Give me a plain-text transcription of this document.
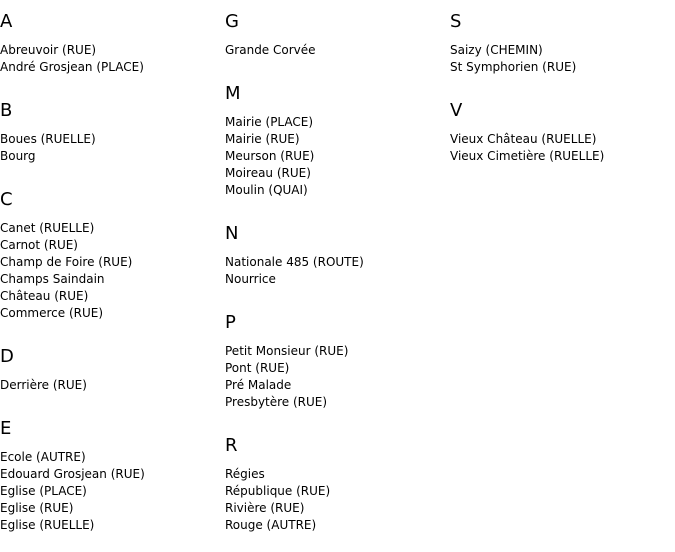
A
Abreuvoir (RUE)
André Grosjean (PLACE)
B
Boues (RUELLE)
Bourg
C
Canet (RUELLE)
Carnot (RUE)
Champ de Foire (RUE)
Champs Saindain
Château (RUE)
Commerce (RUE)
D
Derrière (RUE)
E
Ecole (AUTRE)
Edouard Grosjean (RUE)
Eglise (PLACE)
Eglise (RUE)
Eglise (RUELLE)
G
Grande Corvée
M
Mairie (PLACE)
Mairie (RUE)
Meurson (RUE)
Moireau (RUE)
Moulin (QUAI)
N
Nationale 485 (ROUTE)
Nourrice
P
Petit Monsieur (RUE)
Pont (RUE)
Pré Malade
Presbytère (RUE)
R
Régies
République (RUE)
Rivière (RUE)
Rouge (AUTRE)
S
Saizy (CHEMIN)
St Symphorien (RUE)
V
Vieux Château (RUELLE)
Vieux Cimetière (RUELLE)
